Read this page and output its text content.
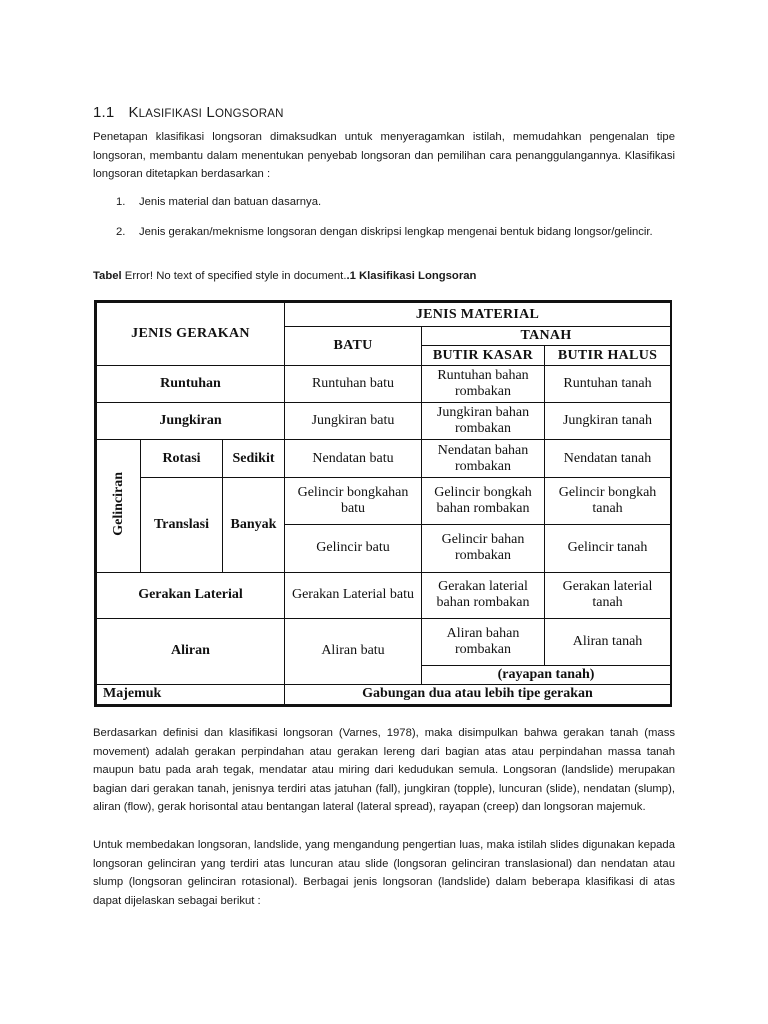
1.1 KLASIFIKASI LONGSORAN

Penetapan klasifikasi longsoran dimaksudkan untuk menyeragamkan istilah, memudahkan pengenalan tipe longsoran, membantu dalam menentukan penyebab longsoran dan pemilihan cara penanggulangannya. Klasifikasi longsoran ditetapkan berdasarkan :

1. Jenis material dan batuan dasarnya.
2. Jenis gerakan/meknisme longsoran dengan diskripsi lengkap mengenai bentuk bidang longsor/gelincir.
Tabel Error! No text of specified style in document..1 Klasifikasi Longsoran
JENIS GERAKAN			JENIS MATERIAL		
			BATU	TANAH	
				BUTIR KASAR	BUTIR HALUS
Runtuhan			Runtuhan batu	Runtuhan bahan rombakan	Runtuhan tanah
Jungkiran			Jungkiran batu	Jungkiran bahan rombakan	Jungkiran tanah
Gelinciran	Rotasi	Sedikit	Nendatan batu	Nendatan bahan rombakan	Nendatan tanah
	Translasi	Banyak	Gelincir bongkahan batu	Gelincir bongkah bahan rombakan	Gelincir bongkah tanah
			Gelincir batu	Gelincir bahan rombakan	Gelincir tanah
Gerakan Laterial			Gerakan Laterial batu	Gerakan laterial bahan rombakan	Gerakan laterial tanah
Aliran			Aliran batu	Aliran bahan rombakan	Aliran tanah
				(rayapan tanah)	
Majemuk			Gabungan dua atau lebih tipe gerakan		

Berdasarkan definisi dan klasifikasi longsoran (Varnes, 1978), maka disimpulkan bahwa gerakan tanah (mass movement) adalah gerakan perpindahan atau gerakan lereng dari bagian atas atau perpindahan massa tanah maupun batu pada arah tegak, mendatar atau miring dari kedudukan semula. Longsoran (landslide) merupakan bagian dari gerakan tanah, jenisnya terdiri atas jatuhan (fall), jungkiran (topple), luncuran (slide), nendatan (slump), aliran (flow), gerak horisontal atau bentangan lateral (lateral spread), rayapan (creep) dan longsoran majemuk.

Untuk membedakan longsoran, landslide, yang mengandung pengertian luas, maka istilah slides digunakan kepada longsoran gelinciran yang terdiri atas luncuran atau slide (longsoran gelinciran translasional) dan nendatan atau slump (longsoran gelinciran rotasional). Berbagai jenis longsoran (landslide) dalam beberapa klasifikasi di atas dapat dijelaskan sebagai berikut :
